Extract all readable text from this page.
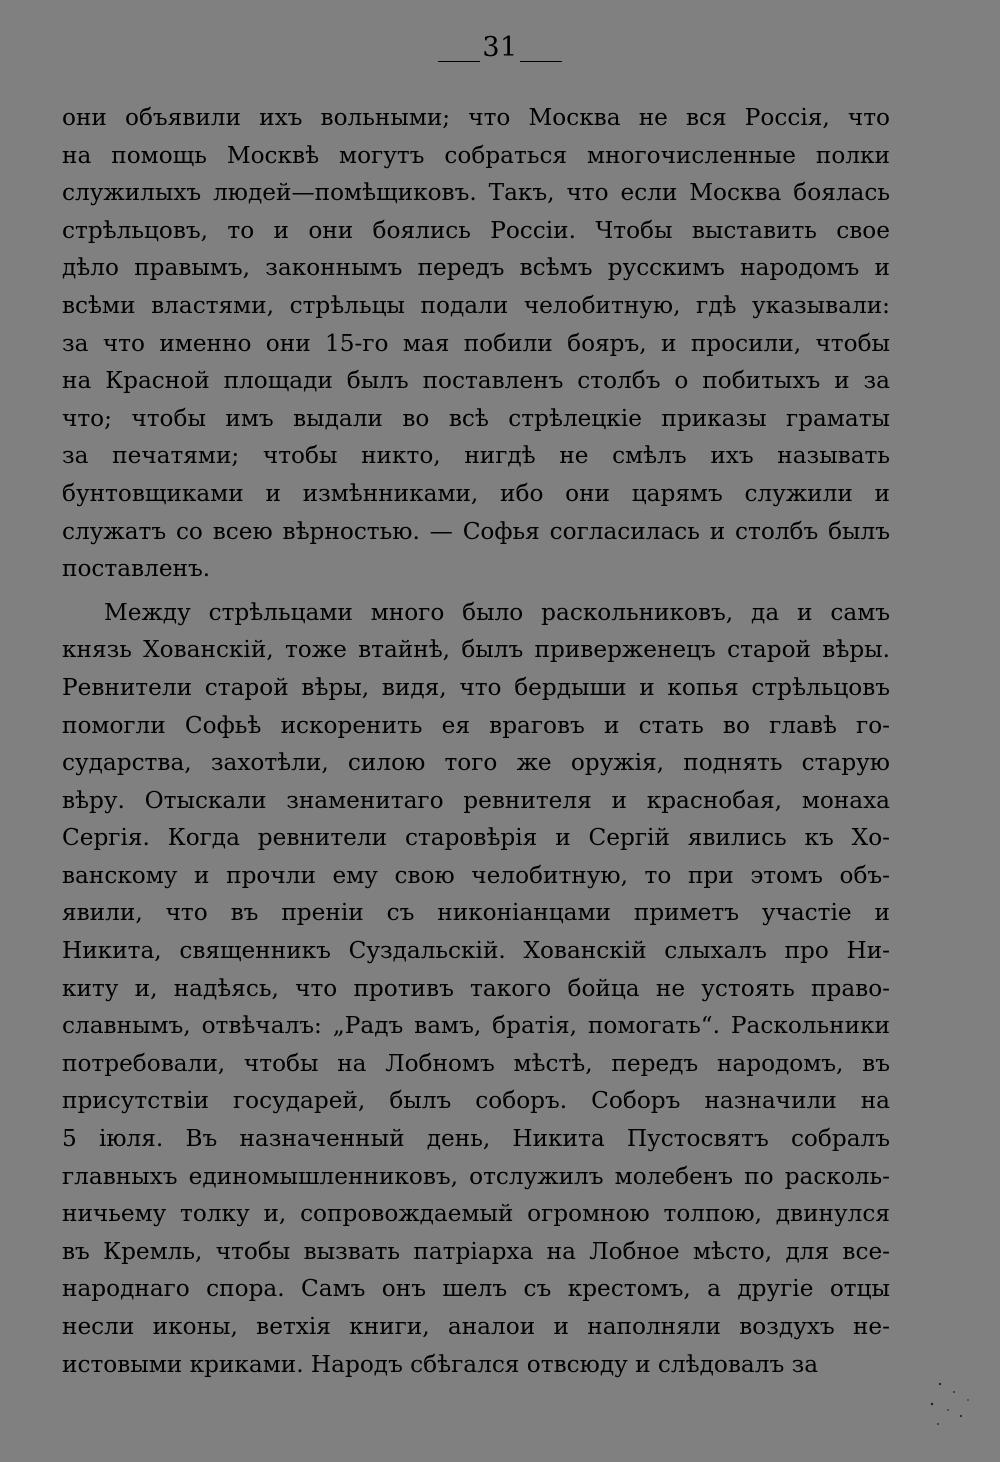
31
они объявили ихъ вольными; что Москва не вся Россія, что
на помощь Москвѣ могутъ собраться многочисленные полки
служилыхъ людей—помѣщиковъ. Такъ, что если Москва боялась
стрѣльцовъ, то и они боялись Россіи. Чтобы выставить свое
дѣло правымъ, законнымъ передъ всѣмъ русскимъ народомъ и
всѣми властями, стрѣльцы подали челобитную, гдѣ указывали:
за что именно они 15-го мая побили бояръ, и просили, чтобы
на Красной площади былъ поставленъ столбъ о побитыхъ и за
что; чтобы имъ выдали во всѣ стрѣлецкіе приказы граматы
за печатями; чтобы никто, нигдѣ не смѣлъ ихъ называть
бунтовщиками и измѣнниками, ибо они царямъ служили и
служатъ со всею вѣрностью. — Софья согласилась и столбъ былъ
поставленъ.
Между стрѣльцами много было раскольниковъ, да и самъ
князь Хованскій, тоже втайнѣ, былъ приверженецъ старой вѣры.
Ревнители старой вѣры, видя, что бердыши и копья стрѣльцовъ
помогли Софьѣ искоренить ея враговъ и стать во главѣ го-
сударства, захотѣли, силою того же оружія, поднять старую
вѣру. Отыскали знаменитаго ревнителя и краснобая, монаха
Сергія. Когда ревнители старовѣрія и Сергій явились къ Хо-
ванскому и прочли ему свою челобитную, то при этомъ объ-
явили, что въ преніи съ никоніанцами приметъ участіе и
Никита, священникъ Суздальскій. Хованскій слыхалъ про Ни-
киту и, надѣясь, что противъ такого бойца не устоять право-
славнымъ, отвѣчалъ: „Радъ вамъ, братія, помогать“. Раскольники
потребовали, чтобы на Лобномъ мѣстѣ, передъ народомъ, въ
присутствіи государей, былъ соборъ. Соборъ назначили на
5 іюля. Въ назначенный день, Никита Пустосвятъ собралъ
главныхъ единомышленниковъ, отслужилъ молебенъ по расколь-
ничьему толку и, сопровождаемый огромною толпою, двинулся
въ Кремль, чтобы вызвать патріарха на Лобное мѣсто, для все-
народнаго спора. Самъ онъ шелъ съ крестомъ, а другіе отцы
несли иконы, ветхія книги, аналои и наполняли воздухъ не-
истовыми криками. Народъ сбѣгался отвсюду и слѣдовалъ за
